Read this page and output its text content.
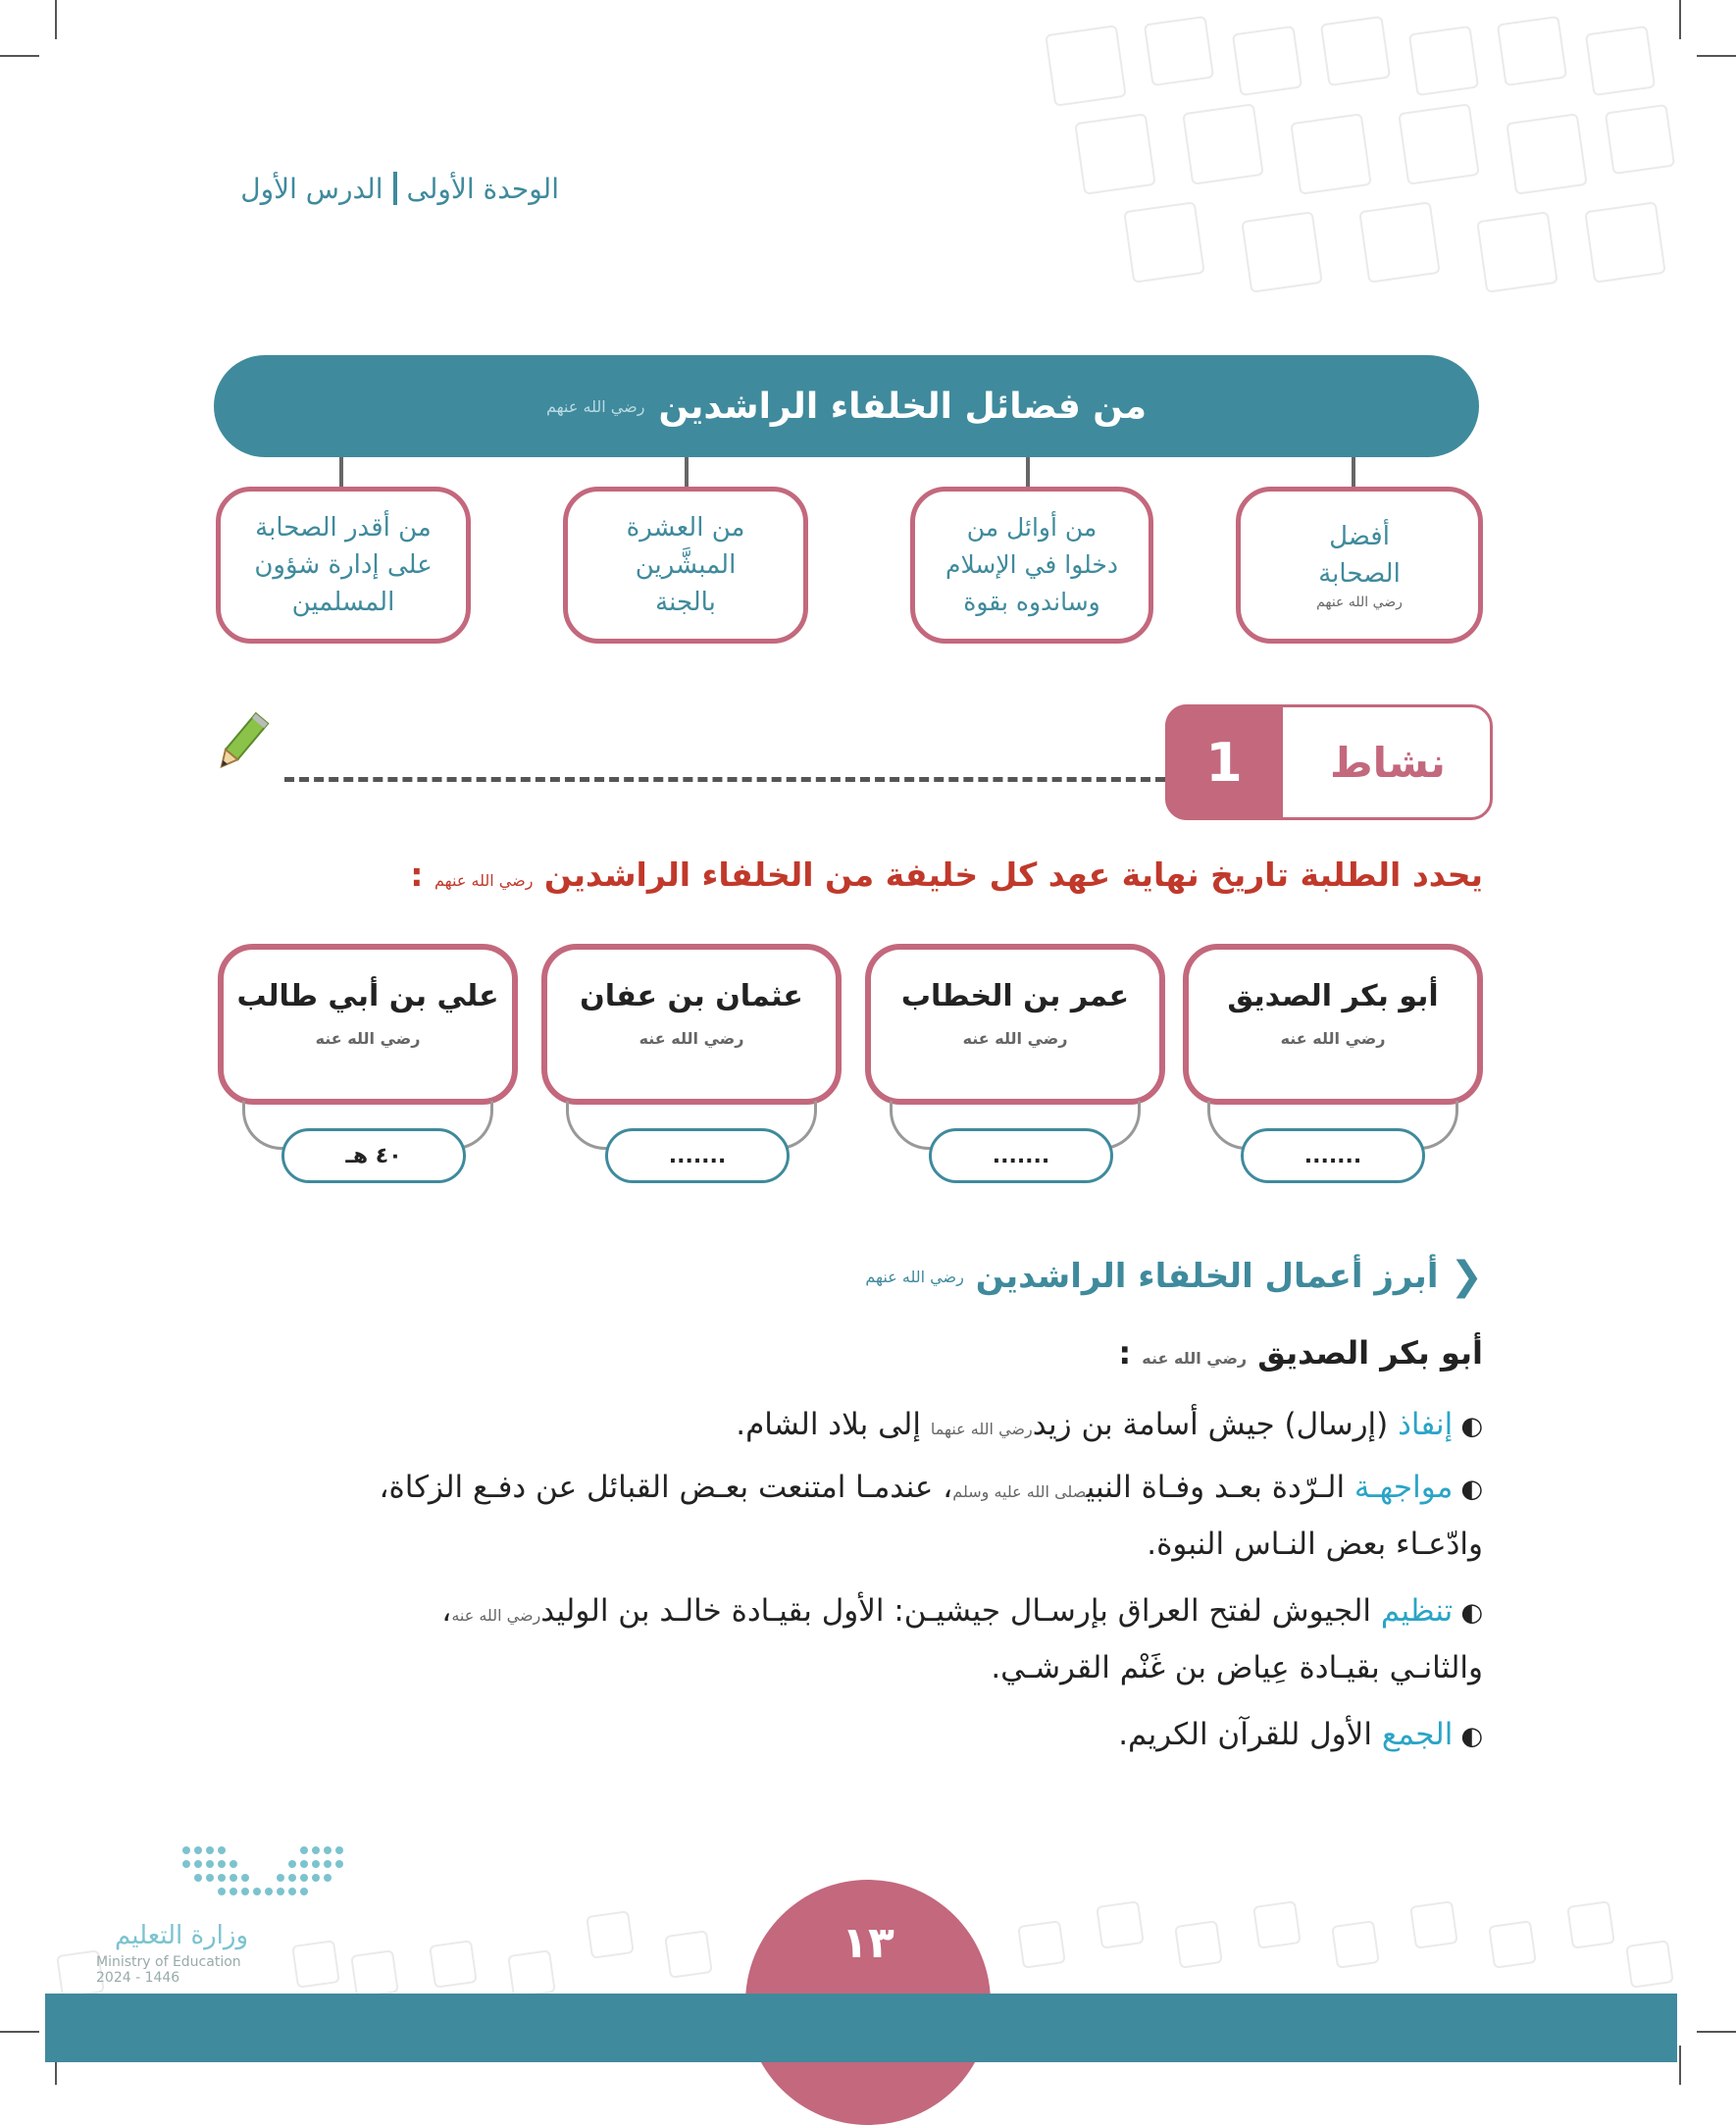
الوحدة الأولى
الدرس الأول
من فضائل الخلفاء الراشدين
رضي الله عنهم
أفضل
الصحابة
رضي الله عنهم
من أوائل من
دخلوا في الإسلام
وساندوه بقوة
من العشرة
المبشَّرين
بالجنة
من أقدر الصحابة
على إدارة شؤون
المسلمين
نشاط
1
يحدد الطلبة تاريخ نهاية عهد كل خليفة من الخلفاء الراشدين رضي الله عنهم :
أبو بكر الصديق
رضي الله عنه
عمر بن الخطاب
رضي الله عنه
عثمان بن عفان
رضي الله عنه
علي بن أبي طالب
رضي الله عنه
.......
.......
.......
٤٠ هـ
❮
أبرز أعمال الخلفاء الراشدين
رضي الله عنهم
أبو بكر الصديق رضي الله عنه :
◐إنفاذ (إرسال) جيش أسامة بن زيدرضي الله عنهما إلى بلاد الشام.
◐مواجهـة الـرّدة بعـد وفـاة النبيصلى الله عليه وسلم، عندمـا امتنعت بعـض القبائل عن دفـع الزكاة،
وادّعـاء بعض النـاس النبوة.
◐تنظيم الجيوش لفتح العراق بإرسـال جيشيـن: الأول بقيـادة خالـد بن الوليدرضي الله عنه،
والثانـي بقيـادة عِياض بن غَنْم القرشـي.
◐الجمع الأول للقرآن الكريم.
وزارة التعليم
Ministry of Education
2024 - 1446
١٣
